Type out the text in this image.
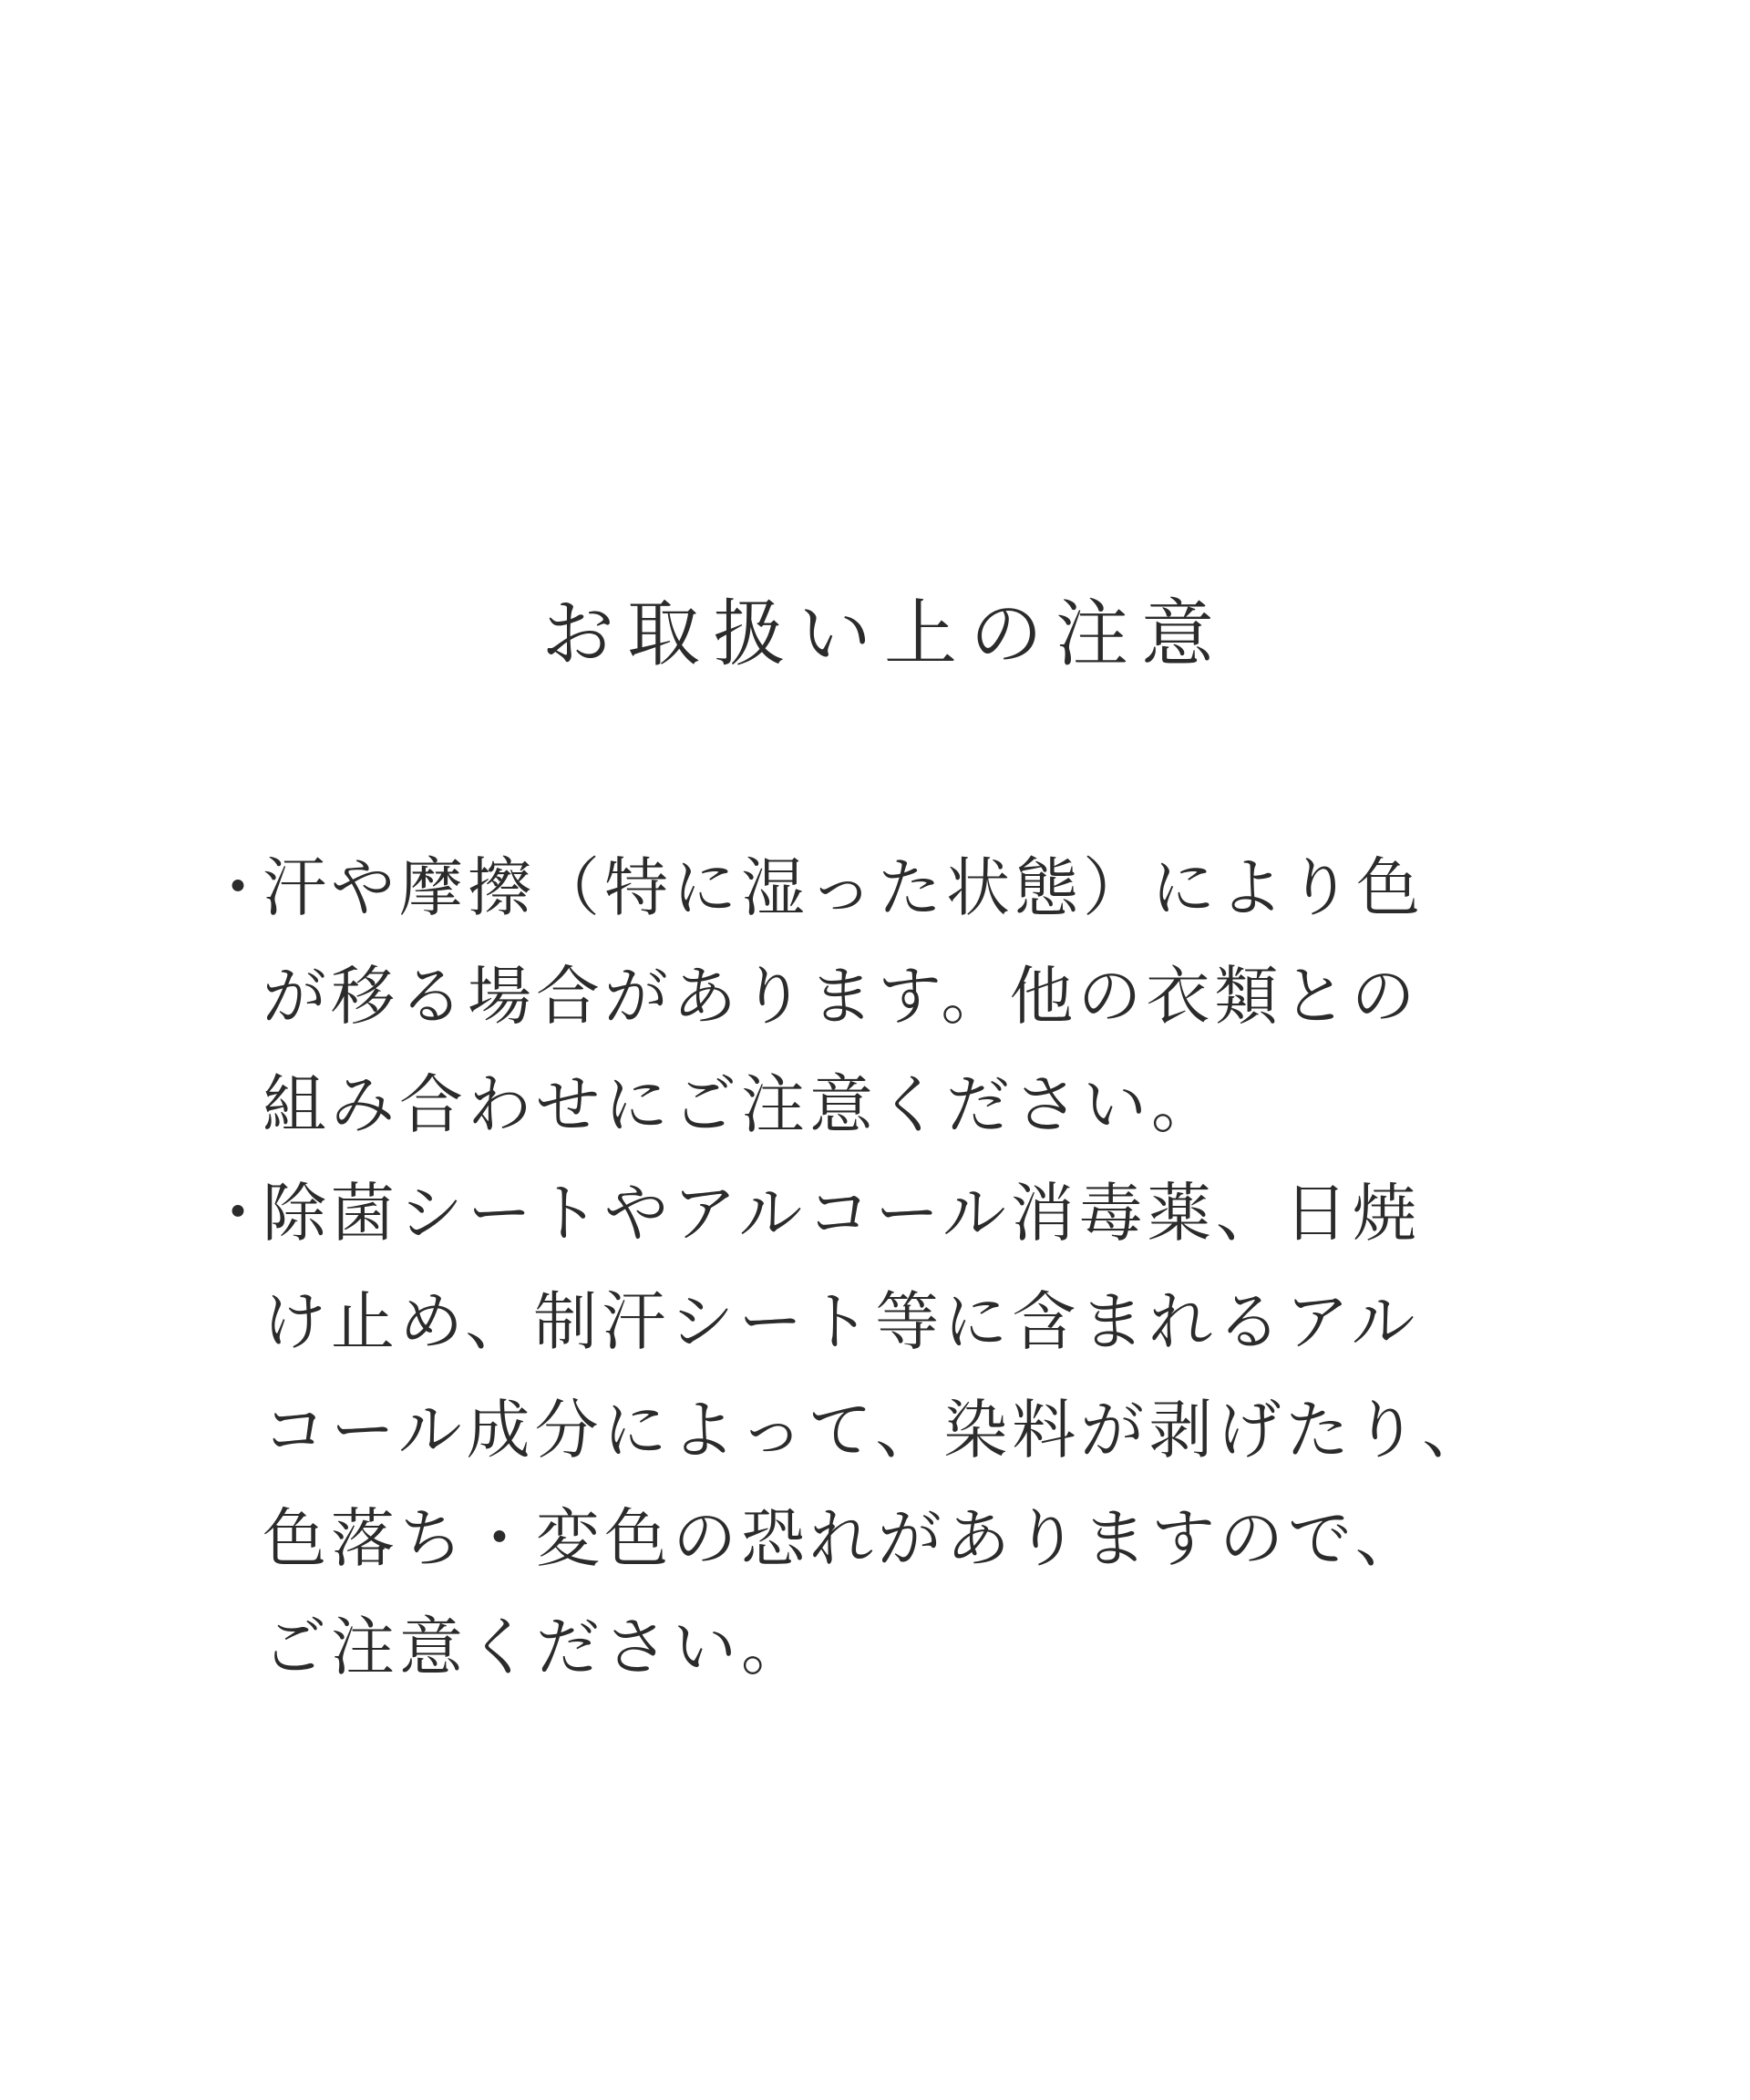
お取扱い上の注意
・
汗や摩擦（特に湿った状態）により色
が移る場合があります。他の衣類との
組み合わせにご注意ください。
・
除菌シートやアルコール消毒薬、日焼
け止め、制汗シート等に含まれるアル
コール成分によって、染料が剥げたり、
色落ち・変色の恐れがありますので、
ご注意ください。
